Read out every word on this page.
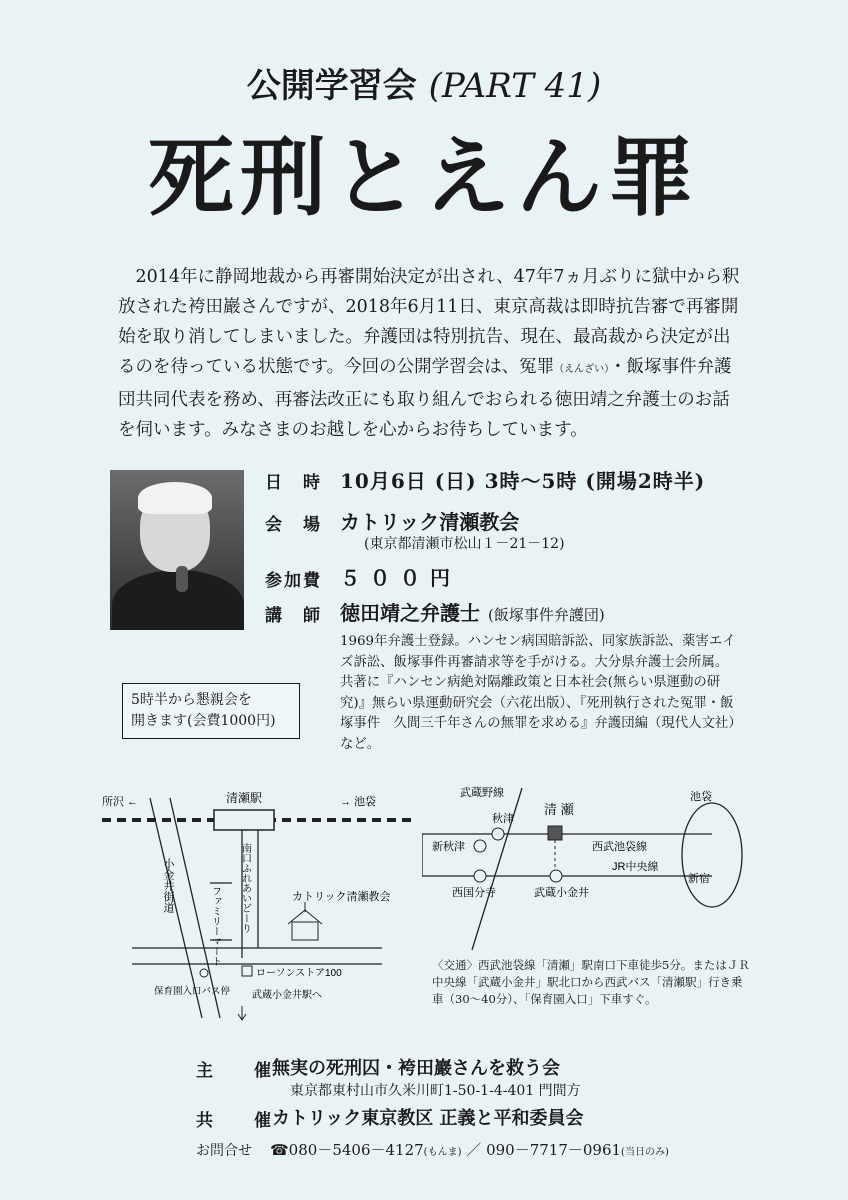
公開学習会 (PART 41)
死刑とえん罪
2014年に静岡地裁から再審開始決定が出され、47年7ヵ月ぶりに獄中から釈放された袴田巖さんですが、2018年6月11日、東京高裁は即時抗告審で再審開始を取り消してしまいました。弁護団は特別抗告、現在、最高裁から決定が出るのを待っている状態です。今回の公開学習会は、冤罪（えんざい）・飯塚事件弁護団共同代表を務め、再審法改正にも取り組んでおられる徳田靖之弁護士のお話を伺います。みなさまのお越しを心からお待ちしています。
日　時 10月6日 (日) 3時～5時 (開場2時半)
会　場 カトリック清瀬教会
(東京都清瀬市松山１－21－12)
参加費 ５００円
講　師 徳田靖之弁護士 (飯塚事件弁護団)
1969年弁護士登録。ハンセン病国賠訴訟、同家族訴訟、薬害エイズ訴訟、飯塚事件再審請求等を手がける。大分県弁護士会所属。共著に『ハンセン病絶対隔離政策と日本社会(無らい県運動の研究)』無らい県運動研究会（六花出版）、『死刑執行された冤罪・飯塚事件　久間三千年さんの無罪を求める』弁護団編（現代人文社）など。
5時半から懇親会を
開きます(会費1000円)
清瀬駅
所沢 ←	→ 池袋
小金井街道	南口ふれあいどーり
ファミリーマート	カトリック清瀬教会
ローソンストア100
保育園入口バス停 武蔵小金井駅へ
武蔵野線
清 瀬
秋津
新秋津	西武池袋線
池袋
新宿
JR中央線
西国分寺	武蔵小金井
〈交通〉西武池袋線「清瀬」駅南口下車徒歩5分。またはＪＲ中央線「武蔵小金井」駅北口から西武バス「清瀬駅」行き乗車（30～40分）、「保育園入口」下車すぐ。
主　催
無実の死刑囚・袴田巖さんを救う会
東京都東村山市久米川町1-50-1-4-401 門間方
共　催
カトリック東京教区 正義と平和委員会
お問合せ ☎080－5406－4127(もんま) ／ 090－7717－0961(当日のみ)
